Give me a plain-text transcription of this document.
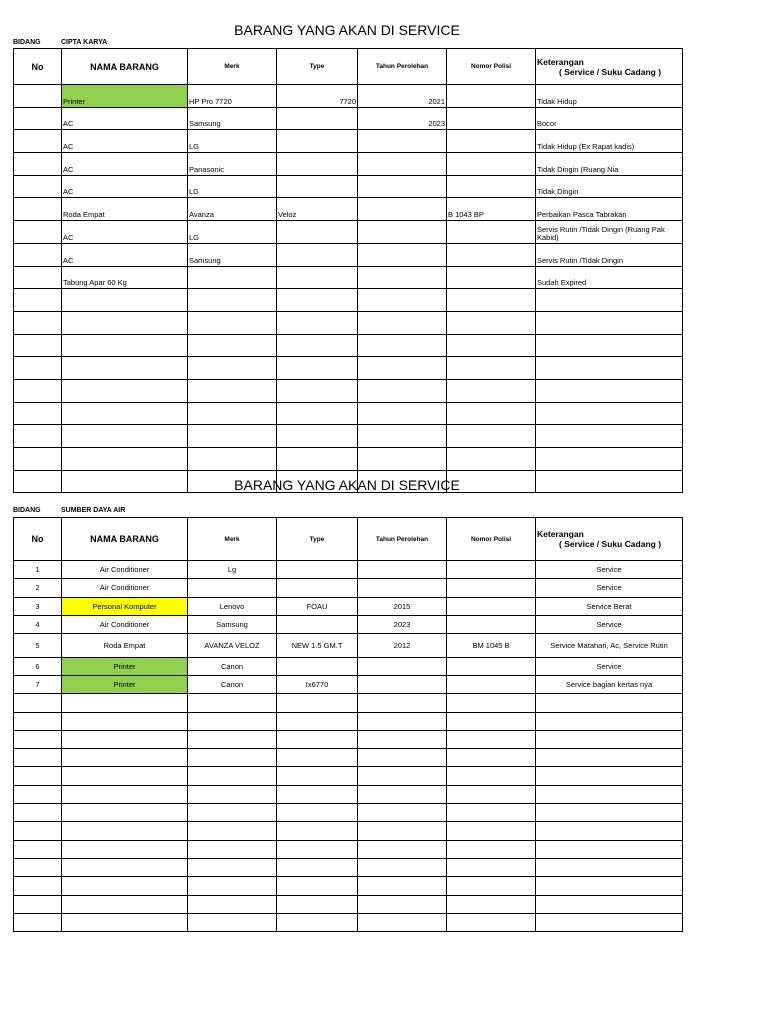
BARANG YANG AKAN DI SERVICE
BIDANG	CIPTA KARYA
No	NAMA BARANG	Merk	Type	Tahun Perolehan	Nomor Polisi	Keterangan
( Service / Suku Cadang )

	Printer	HP Pro 7720	7720	2021		Tidak Hidup
	AC	Samsung		2023		Bocor
	AC	LG				Tidak Hidup (Ex Rapat kadis)
	AC	Panasonic				Tidak Dingin (Ruang Nia
	AC	LG				Tidak Dingin
	Roda Empat	Avanza	Veloz		B 1043 BP	Perbaikan Pasca Tabrakan
	AC	LG				Servis Rutin /Tidak Dingin (Ruang Pak Kabid)
	AC	Samsung				Servis Rutin /Tidak Dingin
	Tabung Apar 60 Kg					Sudah Expired

BARANG YANG AKAN DI SERVICE
BIDANG	SUMBER DAYA AIR
No	NAMA BARANG	Merk	Type	Tahun Perolehan	Nomor Polisi	Keterangan
( Service / Suku Cadang )

1	Air Conditioner	Lg				Service
2	Air Conditioner					Service
3	Personal Komputer	Lenovo	FOAU	2015		Service Berat
4	Air Conditioner	Samsung		2023		Service
5	Roda Empat	AVANZA VELOZ	NEW 1.5 GM.T	2012	BM 1045 B	Service Matahari, Ac, Service Rutin
6	Printer	Canon				Service
7	Printer	Canon	Ix6770			Service bagian kertas nya
